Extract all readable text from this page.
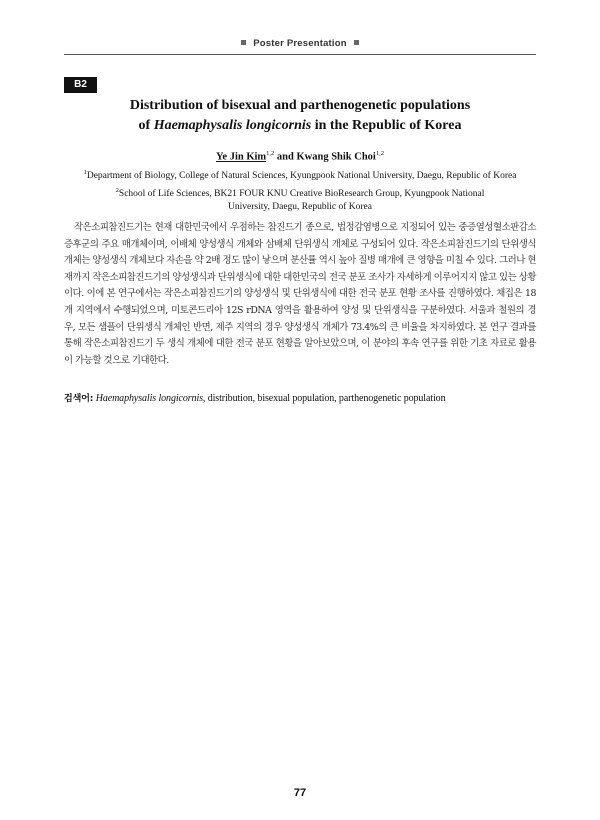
Poster Presentation
B2
Distribution of bisexual and parthenogenetic populations
of Haemaphysalis longicornis in the Republic of Korea
Ye Jin Kim$^{1,2}$ and Kwang Shik Choi$^{1,2}$
$^1$Department of Biology, College of Natural Sciences, Kyungpook National University, Daegu, Republic of Korea
$^2$School of Life Sciences, BK21 FOUR KNU Creative BioResearch Group, Kyungpook National University, Daegu, Republic of Korea

작은소피참진드기는 현재 대한민국에서 우점하는 참진드기 종으로, 법정감염병으로 지정되어 있는 중증열성혈소판감소증후군의 주요 매개체이며, 이배체 양성생식 개체와 삼배체 단위생식 개체로 구성되어 있다. 작은소피참진드기의 단위생식 개체는 양성생식 개체보다 자손을 약 2배 정도 많이 낳으며 분산률 역시 높아 질병 매개에 큰 영향을 미칠 수 있다. 그러나 현재까지 작은소피참진드기의 양성생식과 단위생식에 대한 대한민국의 전국 분포 조사가 자세하게 이루어지지 않고 있는 상황이다. 이에 본 연구에서는 작은소피참진드기의 양성생식 및 단위생식에 대한 전국 분포 현황 조사를 진행하였다. 채집은 18개 지역에서 수행되었으며, 미토콘드리아 12S rDNA 영역을 활용하여 양성 및 단위생식을 구분하였다. 서울과 철원의 경우, 모든 샘플이 단위생식 개체인 반면, 제주 지역의 경우 양성생식 개체가 73.4%의 큰 비율을 차지하였다. 본 연구 결과를 통해 작은소피참진드기 두 생식 개체에 대한 전국 분포 현황을 알아보았으며, 이 분야의 후속 연구를 위한 기초 자료로 활용이 가능할 것으로 기대한다.

검색어: Haemaphysalis longicornis, distribution, bisexual population, parthenogenetic population
77
